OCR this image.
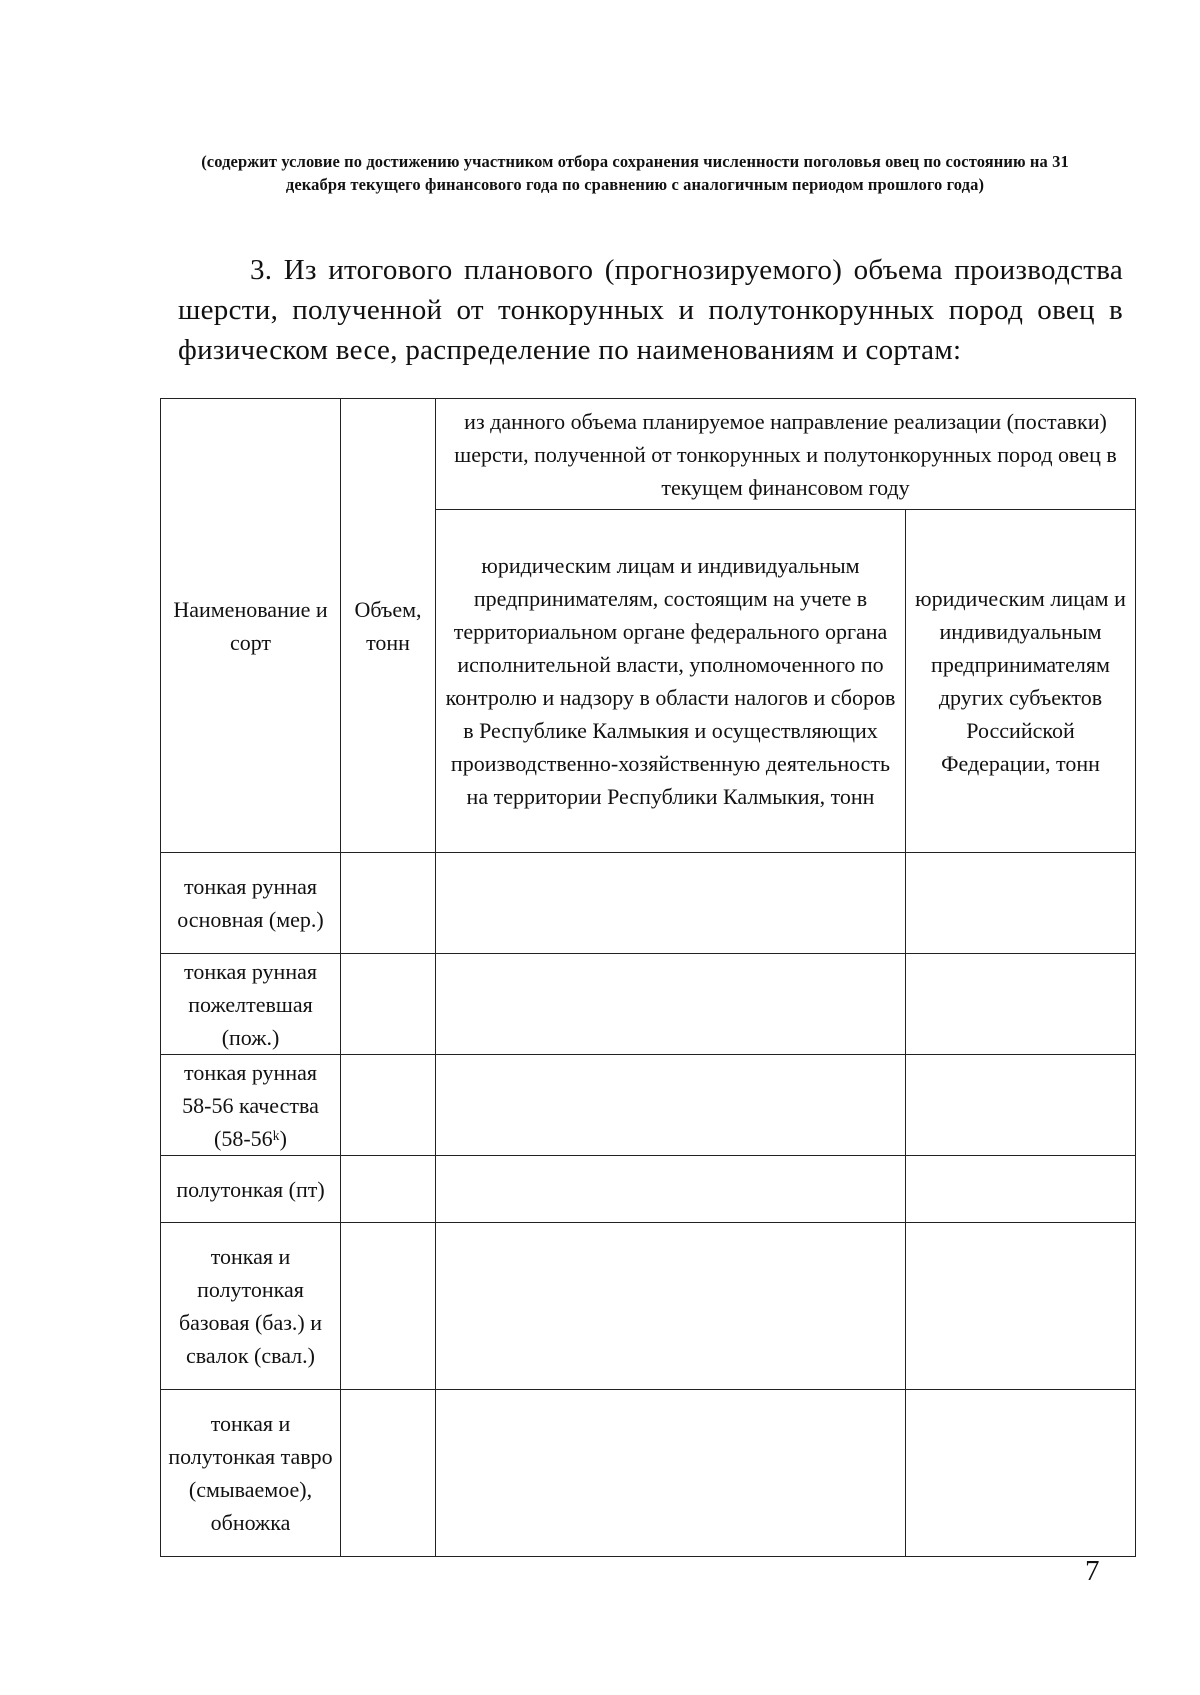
(содержит условие по достижению участником отбора сохранения численности поголовья овец по состоянию на 31 декабря текущего финансового года по сравнению с аналогичным периодом прошлого года)
3. Из итогового планового (прогнозируемого) объема производства шерсти, полученной от тонкорунных и полутонкорунных пород овец в физическом весе, распределение по наименованиям и сортам:
Наименование и сорт	Объем, тонн	из данного объема планируемое направление реализации (поставки) шерсти, полученной от тонкорунных и полутонкорунных пород овец в текущем финансовом году	
		юридическим лицам и индивидуальным предпринимателям, состоящим на учете в территориальном органе федерального органа исполнительной власти, уполномоченного по контролю и надзору в области налогов и сборов в Республике Калмыкия и осуществляющих производственно-хозяйственную деятельность на территории Республики Калмыкия, тонн	юридическим лицам и индивидуальным предпринимателям других субъектов Российской Федерации, тонн
тонкая рунная основная (мер.)			
тонкая рунная пожелтевшая (пож.)			
тонкая рунная 58-56 качества (58-56ᵏ)			
полутонкая (пт)			
тонкая и полутонкая базовая (баз.) и свалок (свал.)			
тонкая и полутонкая тавро (смываемое), обножка			
7
